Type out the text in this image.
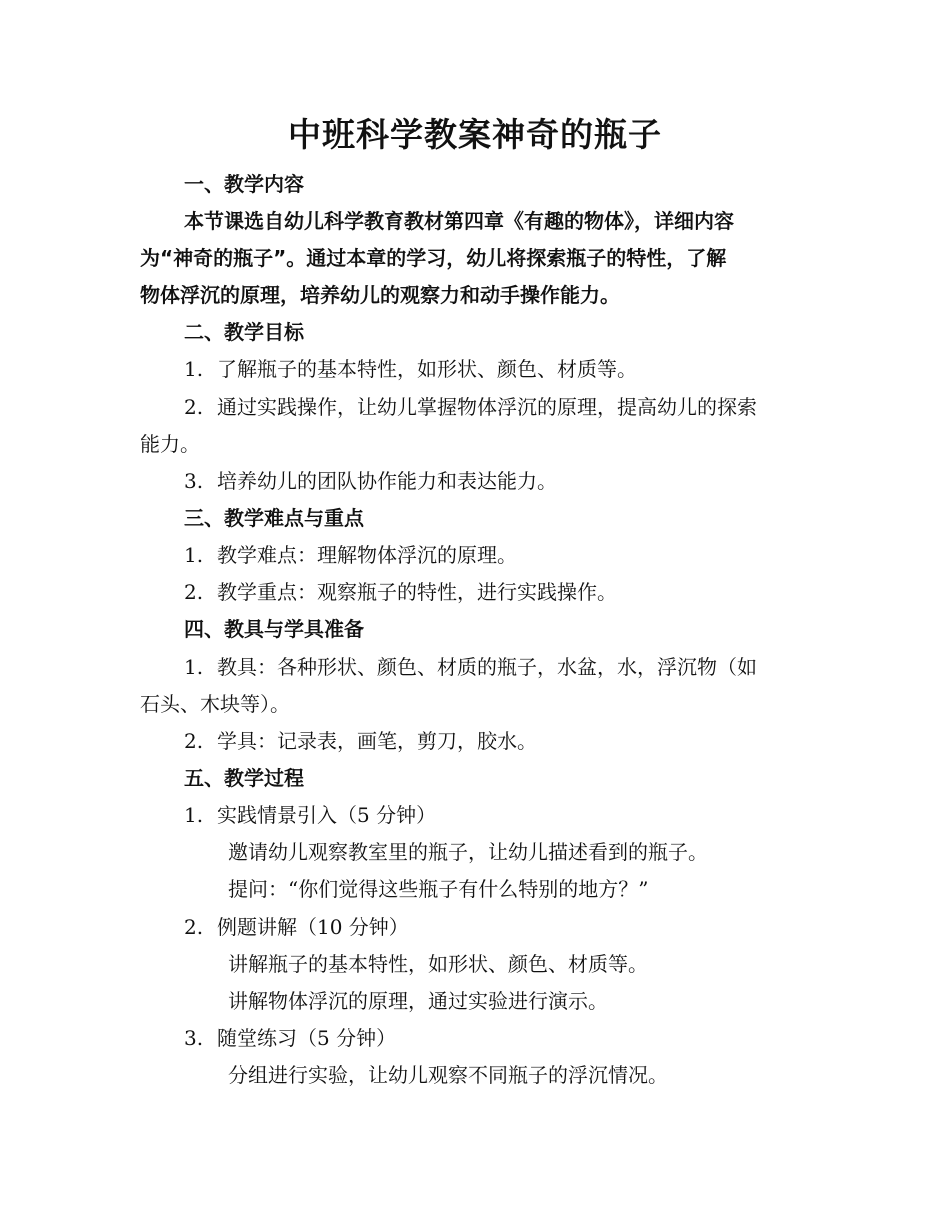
中班科学教案神奇的瓶子
一、教学内容
本节课选自幼儿科学教育教材第四章《有趣的物体》，详细内容
为“神奇的瓶子”。通过本章的学习，幼儿将探索瓶子的特性，了解
物体浮沉的原理，培养幼儿的观察力和动手操作能力。
二、教学目标
1. 了解瓶子的基本特性，如形状、颜色、材质等。
2. 通过实践操作，让幼儿掌握物体浮沉的原理，提高幼儿的探索
能力。
3. 培养幼儿的团队协作能力和表达能力。
三、教学难点与重点
1. 教学难点：理解物体浮沉的原理。
2. 教学重点：观察瓶子的特性，进行实践操作。
四、教具与学具准备
1. 教具：各种形状、颜色、材质的瓶子，水盆，水，浮沉物（如
石头、木块等）。
2. 学具：记录表，画笔，剪刀，胶水。
五、教学过程
1. 实践情景引入（5 分钟）
邀请幼儿观察教室里的瓶子，让幼儿描述看到的瓶子。
提问：“你们觉得这些瓶子有什么特别的地方？”
2. 例题讲解（10 分钟）
讲解瓶子的基本特性，如形状、颜色、材质等。
讲解物体浮沉的原理，通过实验进行演示。
3. 随堂练习（5 分钟）
分组进行实验，让幼儿观察不同瓶子的浮沉情况。
